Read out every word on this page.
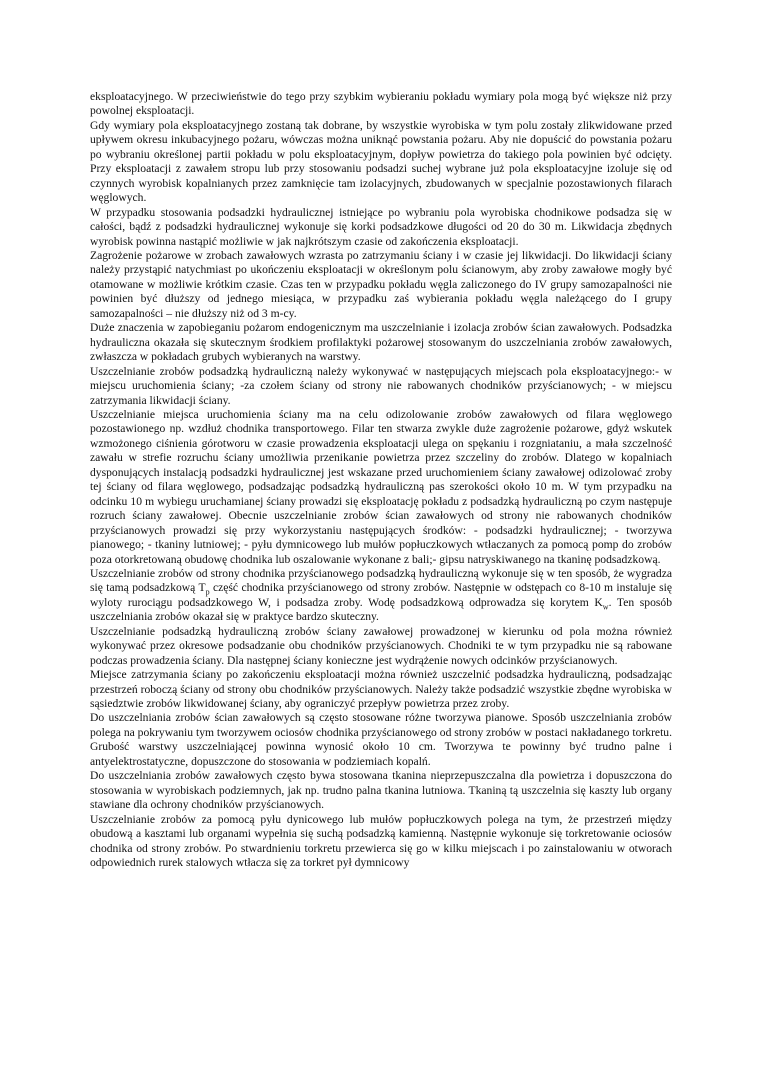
eksploatacyjnego. W przeciwieństwie do tego przy szybkim wybieraniu pokładu wymiary pola mogą być większe niż przy powolnej eksploatacji.

Gdy wymiary pola eksploatacyjnego zostaną tak dobrane, by wszystkie wyrobiska w tym polu zostały zlikwidowane przed upływem okresu inkubacyjnego pożaru, wówczas można uniknąć powstania pożaru. Aby nie dopuścić do powstania pożaru po wybraniu określonej partii pokładu w polu eksploatacyjnym, dopływ powietrza do takiego pola powinien być odcięty. Przy eksploatacji z zawałem stropu lub przy stosowaniu podsadzi suchej wybrane już pola eksploatacyjne izoluje się od czynnych wyrobisk kopalnianych przez zamknięcie tam izolacyjnych, zbudowanych w specjalnie pozostawionych filarach węglowych.

W przypadku stosowania podsadzki hydraulicznej istniejące po wybraniu pola wyrobiska chodnikowe podsadza się w całości, bądź z podsadzki hydraulicznej wykonuje się korki podsadzkowe długości od 20 do 30 m. Likwidacja zbędnych wyrobisk powinna nastąpić możliwie w jak najkrótszym czasie od zakończenia eksploatacji.

Zagrożenie pożarowe w zrobach zawałowych wzrasta po zatrzymaniu ściany i w czasie jej likwidacji. Do likwidacji ściany należy przystąpić natychmiast po ukończeniu eksploatacji w określonym polu ścianowym, aby zroby zawałowe mogły być otamowane w możliwie krótkim czasie. Czas ten w przypadku pokładu węgla zaliczonego do IV grupy samozapalności nie powinien być dłuższy od jednego miesiąca, w przypadku zaś wybierania pokładu węgla należącego do I grupy samozapalności – nie dłuższy niż od 3 m-cy.

Duże znaczenia w zapobieganiu pożarom endogenicznym ma uszczelnianie i izolacja zrobów ścian zawałowych. Podsadzka hydrauliczna okazała się skutecznym środkiem profilaktyki pożarowej stosowanym do uszczelniania zrobów zawałowych, zwłaszcza w pokładach grubych wybieranych na warstwy.

Uszczelnianie zrobów podsadzką hydrauliczną należy wykonywać w następujących miejscach pola eksploatacyjnego:- w miejscu uruchomienia ściany; -za czołem ściany od strony nie rabowanych chodników przyścianowych; - w miejscu zatrzymania likwidacji ściany.

Uszczelnianie miejsca uruchomienia ściany ma na celu odizolowanie zrobów zawałowych od filara węglowego pozostawionego np. wzdłuż chodnika transportowego. Filar ten stwarza zwykle duże zagrożenie pożarowe, gdyż wskutek wzmożonego ciśnienia górotworu w czasie prowadzenia eksploatacji ulega on spękaniu i rozgniataniu, a mała szczelność zawału w strefie rozruchu ściany umożliwia przenikanie powietrza przez szczeliny do zrobów. Dlatego w kopalniach dysponujących instalacją podsadzki hydraulicznej jest wskazane przed uruchomieniem ściany zawałowej odizolować zroby tej ściany od filara węglowego, podsadzając podsadzką hydrauliczną pas szerokości około 10 m. W tym przypadku na odcinku 10 m wybiegu uruchamianej ściany prowadzi się eksploatację pokładu z podsadzką hydrauliczną po czym następuje rozruch ściany zawałowej. Obecnie uszczelnianie zrobów ścian zawałowych od strony nie rabowanych chodników przyścianowych prowadzi się przy wykorzystaniu następujących środków: - podsadzki hydraulicznej; - tworzywa pianowego; - tkaniny lutniowej; - pyłu dymnicowego lub mułów popłuczkowych wtłaczanych za pomocą pomp do zrobów poza otorkretowaną obudowę chodnika lub oszalowanie wykonane z bali;- gipsu natryskiwanego na tkaninę podsadzkową.

Uszczelnianie zrobów od strony chodnika przyścianowego podsadzką hydrauliczną wykonuje się w ten sposób, że wygradza się tamą podsadzkową $T_p$ część chodnika przyścianowego od strony zrobów. Następnie w odstępach co 8-10 m instaluje się wyloty rurociągu podsadzkowego W, i podsadza zroby. Wodę podsadzkową odprowadza się korytem $K_w$. Ten sposób uszczelniania zrobów okazał się w praktyce bardzo skuteczny.

Uszczelnianie podsadzką hydrauliczną zrobów ściany zawałowej prowadzonej w kierunku od pola można również wykonywać przez okresowe podsadzanie obu chodników przyścianowych. Chodniki te w tym przypadku nie są rabowane podczas prowadzenia ściany. Dla następnej ściany konieczne jest wydrążenie nowych odcinków przyścianowych.

Miejsce zatrzymania ściany po zakończeniu eksploatacji można również uszczelnić podsadzka hydrauliczną, podsadzając przestrzeń roboczą ściany od strony obu chodników przyścianowych. Należy także podsadzić wszystkie zbędne wyrobiska w sąsiedztwie zrobów likwidowanej ściany, aby ograniczyć przepływ powietrza przez zroby.

Do uszczelniania zrobów ścian zawałowych są często stosowane różne tworzywa pianowe. Sposób uszczelniania zrobów polega na pokrywaniu tym tworzywem ociosów chodnika przyścianowego od strony zrobów w postaci nakładanego torkretu. Grubość warstwy uszczelniającej powinna wynosić około 10 cm. Tworzywa te powinny być trudno palne i antyelektrostatyczne, dopuszczone do stosowania w podziemiach kopalń.

Do uszczelniania zrobów zawałowych często bywa stosowana tkanina nieprzepuszczalna dla powietrza i dopuszczona do stosowania w wyrobiskach podziemnych, jak np. trudno palna tkanina lutniowa. Tkaniną tą uszczelnia się kaszty lub organy stawiane dla ochrony chodników przyścianowych.

Uszczelnianie zrobów za pomocą pyłu dynicowego lub mułów popłuczkowych polega na tym, że przestrzeń między obudową a kasztami lub organami wypełnia się suchą podsadzką kamienną. Następnie wykonuje się torkretowanie ociosów chodnika od strony zrobów. Po stwardnieniu torkretu przewierca się go w kilku miejscach i po zainstalowaniu w otworach odpowiednich rurek stalowych wtłacza się za torkret pył dymnicowy
